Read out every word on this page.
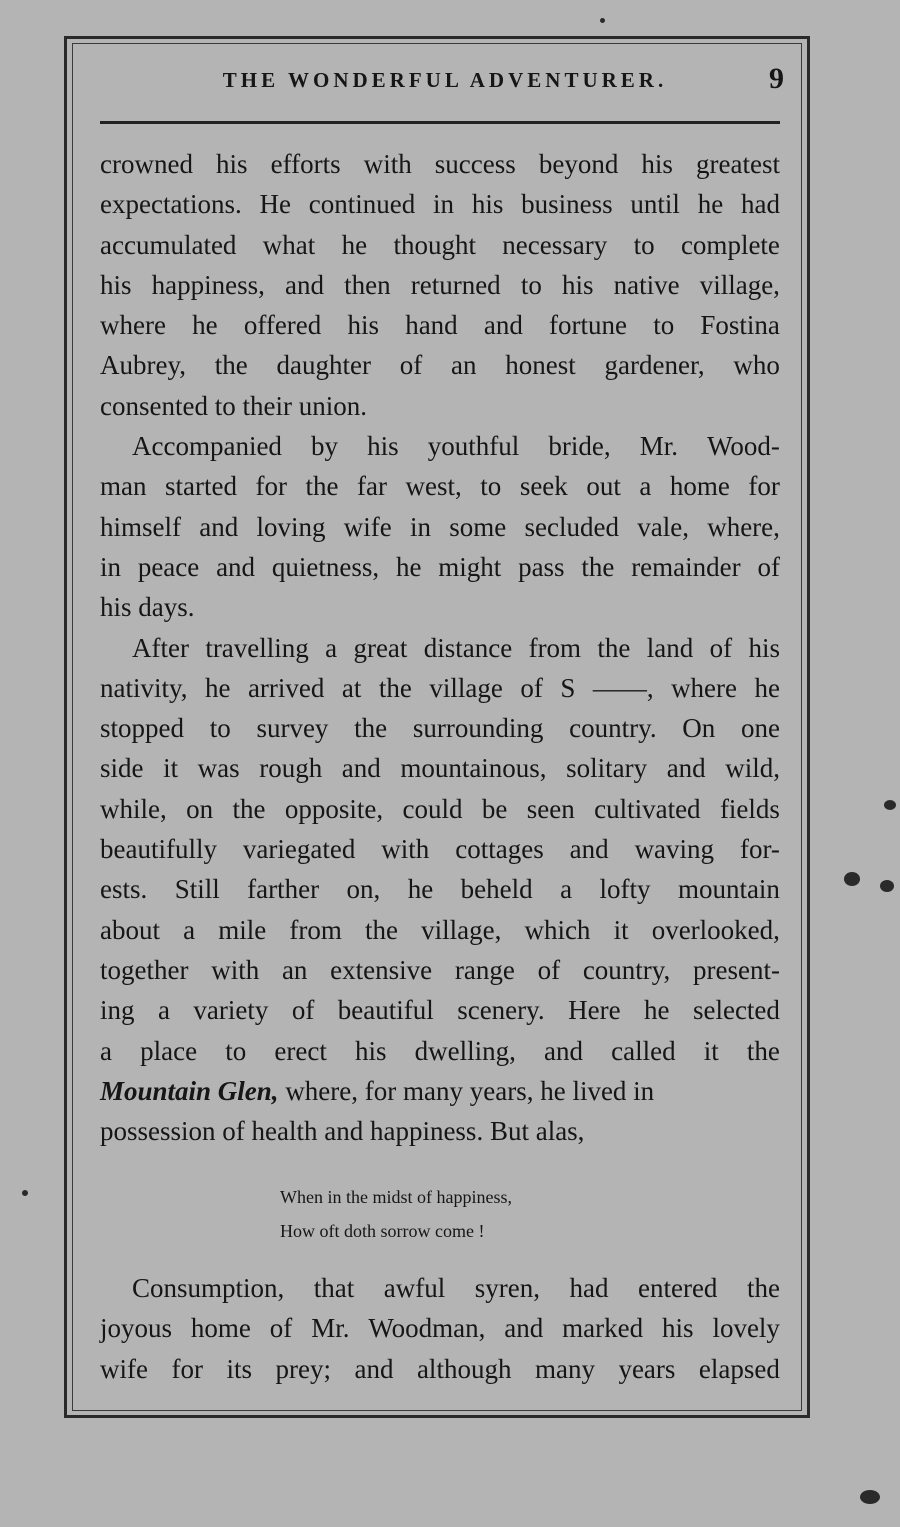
THE WONDERFUL ADVENTURER.	9
crowned his efforts with success beyond his greatest
expectations. He continued in his business until he had
accumulated what he thought necessary to complete
his happiness, and then returned to his native village,
where he offered his hand and fortune to Fostina
Aubrey, the daughter of an honest gardener, who
consented to their union.
Accompanied by his youthful bride, Mr. Wood-
man started for the far west, to seek out a home for
himself and loving wife in some secluded vale, where,
in peace and quietness, he might pass the remainder of
his days.
After travelling a great distance from the land of his
nativity, he arrived at the village of S ——, where he
stopped to survey the surrounding country. On one
side it was rough and mountainous, solitary and wild,
while, on the opposite, could be seen cultivated fields
beautifully variegated with cottages and waving for-
ests. Still farther on, he beheld a lofty mountain
about a mile from the village, which it overlooked,
together with an extensive range of country, present-
ing a variety of beautiful scenery. Here he selected
a place to erect his dwelling, and called it the
Mountain Glen, where, for many years, he lived in
possession of health and happiness. But alas,
When in the midst of happiness,
How oft doth sorrow come !
Consumption, that awful syren, had entered the
joyous home of Mr. Woodman, and marked his lovely
wife for its prey; and although many years elapsed
